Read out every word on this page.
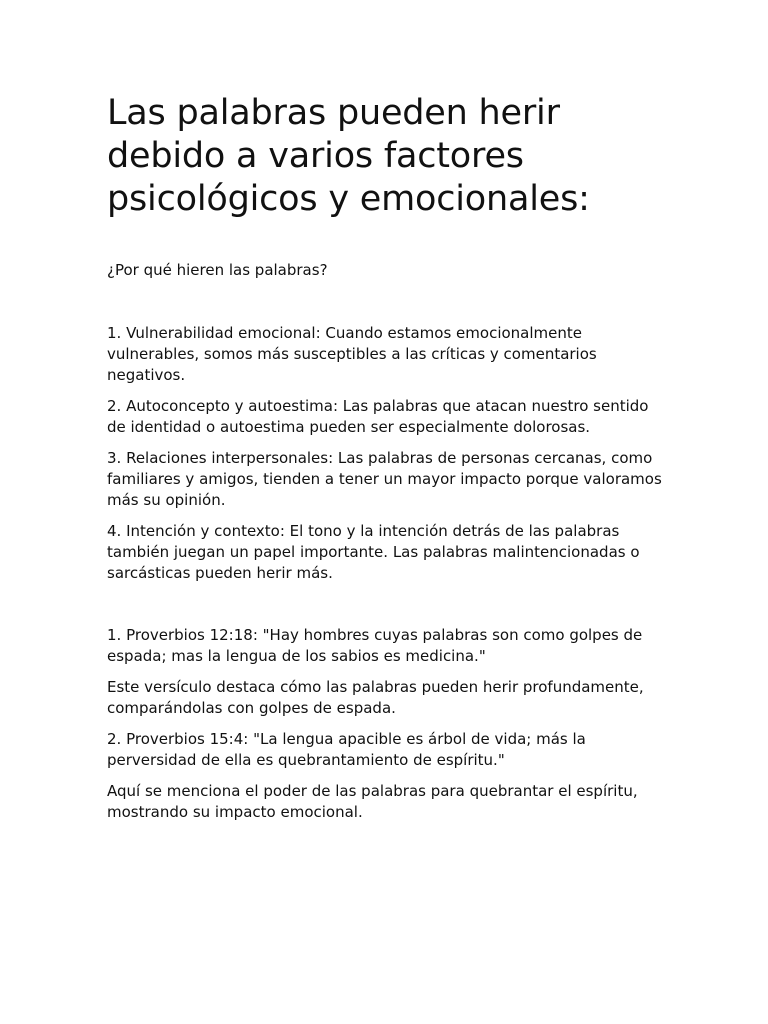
Las palabras pueden herir debido a varios factores psicológicos y emocionales:

¿Por qué hieren las palabras?

1. Vulnerabilidad emocional: Cuando estamos emocionalmente vulnerables, somos más susceptibles a las críticas y comentarios negativos.

2. Autoconcepto y autoestima: Las palabras que atacan nuestro sentido de identidad o autoestima pueden ser especialmente dolorosas.

3. Relaciones interpersonales: Las palabras de personas cercanas, como familiares y amigos, tienden a tener un mayor impacto porque valoramos más su opinión.

4. Intención y contexto: El tono y la intención detrás de las palabras también juegan un papel importante. Las palabras malintencionadas o sarcásticas pueden herir más.

1. Proverbios 12:18: "Hay hombres cuyas palabras son como golpes de espada; mas la lengua de los sabios es medicina."

Este versículo destaca cómo las palabras pueden herir profundamente, comparándolas con golpes de espada.

2. Proverbios 15:4: "La lengua apacible es árbol de vida; más la perversidad de ella es quebrantamiento de espíritu."

Aquí se menciona el poder de las palabras para quebrantar el espíritu, mostrando su impacto emocional.
